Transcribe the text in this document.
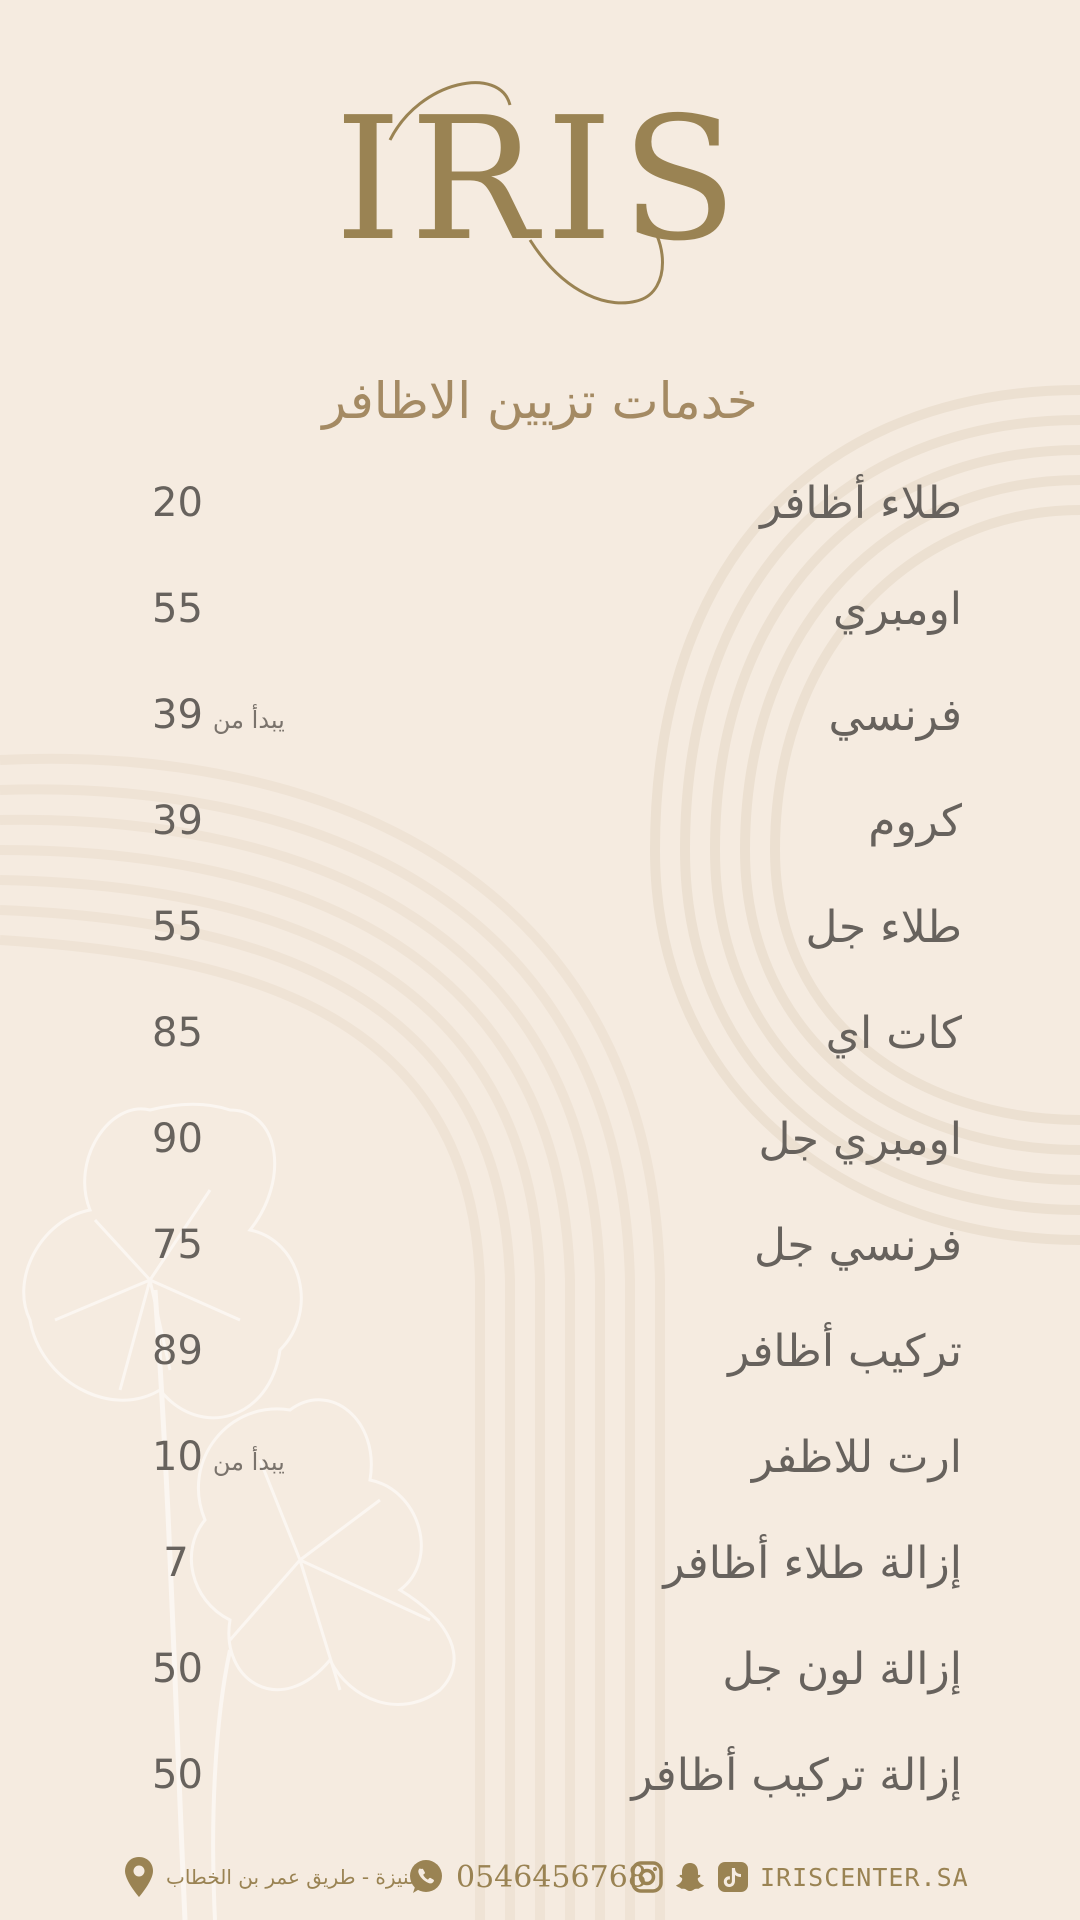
IRIS
خدمات تزيين الاظافر
طلاء أظافر
20
اومبري
55
فرنسي
39 يبدأ من
كروم
39
طلاء جل
55
كات اي
85
اومبري جل
90
فرنسي جل
75
تركيب أظافر
89
ارت للاظفر
10 يبدأ من
إزالة طلاء أظافر
7
إزالة لون جل
50
إزالة تركيب أظافر
50
IRISCENTER.SA
0546456768
عنيزة - طريق عمر بن الخطاب
